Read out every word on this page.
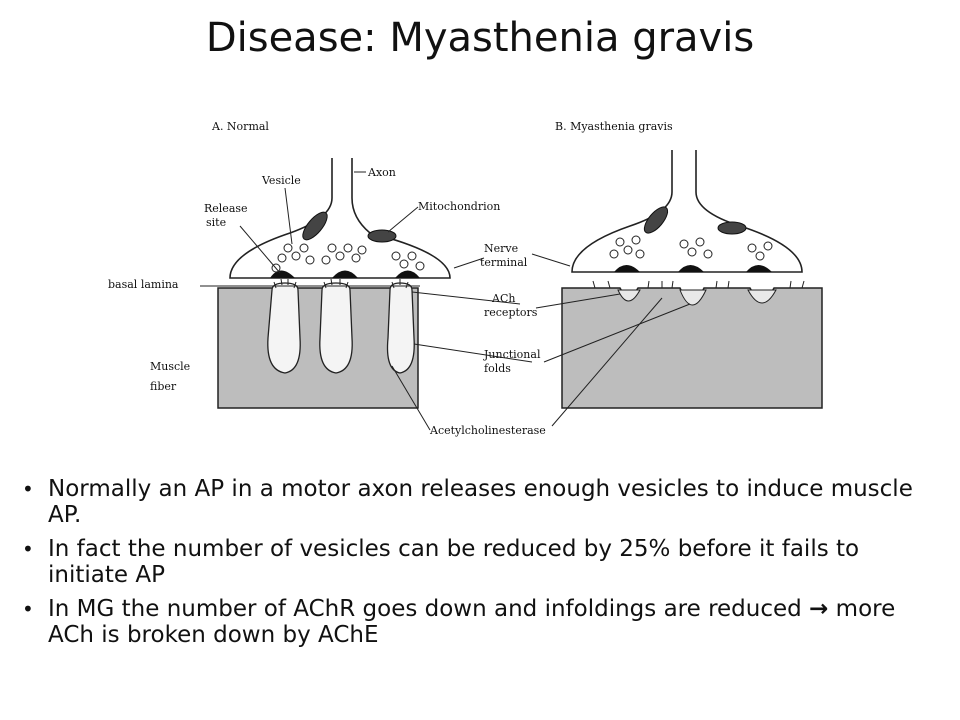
Disease: Myasthenia gravis
A. Normal	B. Myasthenia gravis
Vesicle
Axon
Release
site
Mitochondrion
basal lamina
Muscle
fiber
Nerve
terminal
ACh
receptors
Junctional
folds
Acetylcholinesterase
• Normally an AP in a motor axon releases enough vesicles to induce muscle AP.
• In fact the number of vesicles can be reduced by 25% before it fails to initiate AP
• In MG the number of AChR goes down and infoldings are reduced → more ACh is broken down by AChE
